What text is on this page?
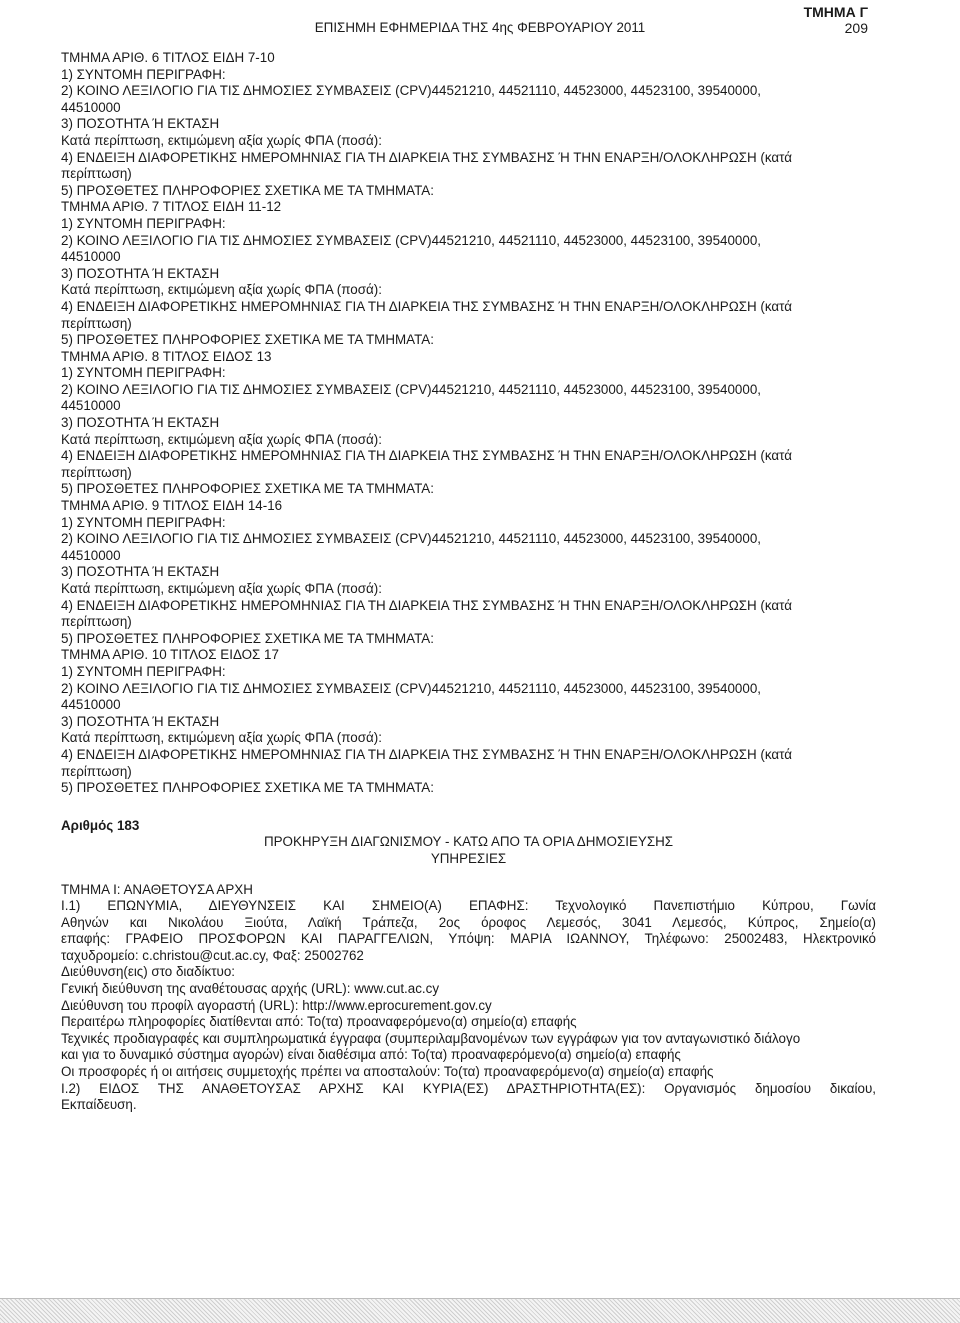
ΤΜΗΜΑ Γ
ΕΠΙΣΗΜΗ ΕΦΗΜΕΡΙΔΑ ΤΗΣ 4ης ΦΕΒΡΟΥΑΡΙΟΥ 2011	209
ΤΜΗΜΑ ΑΡΙΘ. 6 ΤΙΤΛΟΣ ΕΙΔΗ 7-10
1) ΣΥΝΤΟΜΗ ΠΕΡΙΓΡΑΦΗ:
2) ΚΟΙΝΟ ΛΕΞΙΛΟΓΙΟ ΓΙΑ ΤΙΣ ΔΗΜΟΣΙΕΣ ΣΥΜΒΑΣΕΙΣ (CPV)44521210, 44521110, 44523000, 44523100, 39540000,
44510000
3) ΠΟΣΟΤΗΤΑ Ή ΕΚΤΑΣΗ
Κατά περίπτωση, εκτιμώμενη αξία χωρίς ΦΠΑ (ποσά):
4) ΕΝΔΕΙΞΗ ΔΙΑΦΟΡΕΤΙΚΗΣ ΗΜΕΡΟΜΗΝΙΑΣ ΓΙΑ ΤΗ ΔΙΑΡΚΕΙΑ ΤΗΣ ΣΥΜΒΑΣΗΣ Ή ΤΗΝ ΕΝΑΡΞΗ/ΟΛΟΚΛΗΡΩΣΗ (κατά
περίπτωση)
5) ΠΡΟΣΘΕΤΕΣ ΠΛΗΡΟΦΟΡΙΕΣ ΣΧΕΤΙΚΑ ΜΕ ΤΑ ΤΜΗΜΑΤΑ:
ΤΜΗΜΑ ΑΡΙΘ. 7 ΤΙΤΛΟΣ ΕΙΔΗ 11-12
1) ΣΥΝΤΟΜΗ ΠΕΡΙΓΡΑΦΗ:
2) ΚΟΙΝΟ ΛΕΞΙΛΟΓΙΟ ΓΙΑ ΤΙΣ ΔΗΜΟΣΙΕΣ ΣΥΜΒΑΣΕΙΣ (CPV)44521210, 44521110, 44523000, 44523100, 39540000,
44510000
3) ΠΟΣΟΤΗΤΑ Ή ΕΚΤΑΣΗ
Κατά περίπτωση, εκτιμώμενη αξία χωρίς ΦΠΑ (ποσά):
4) ΕΝΔΕΙΞΗ ΔΙΑΦΟΡΕΤΙΚΗΣ ΗΜΕΡΟΜΗΝΙΑΣ ΓΙΑ ΤΗ ΔΙΑΡΚΕΙΑ ΤΗΣ ΣΥΜΒΑΣΗΣ Ή ΤΗΝ ΕΝΑΡΞΗ/ΟΛΟΚΛΗΡΩΣΗ (κατά
περίπτωση)
5) ΠΡΟΣΘΕΤΕΣ ΠΛΗΡΟΦΟΡΙΕΣ ΣΧΕΤΙΚΑ ΜΕ ΤΑ ΤΜΗΜΑΤΑ:
ΤΜΗΜΑ ΑΡΙΘ. 8 ΤΙΤΛΟΣ ΕΙΔΟΣ 13
1) ΣΥΝΤΟΜΗ ΠΕΡΙΓΡΑΦΗ:
2) ΚΟΙΝΟ ΛΕΞΙΛΟΓΙΟ ΓΙΑ ΤΙΣ ΔΗΜΟΣΙΕΣ ΣΥΜΒΑΣΕΙΣ (CPV)44521210, 44521110, 44523000, 44523100, 39540000,
44510000
3) ΠΟΣΟΤΗΤΑ Ή ΕΚΤΑΣΗ
Κατά περίπτωση, εκτιμώμενη αξία χωρίς ΦΠΑ (ποσά):
4) ΕΝΔΕΙΞΗ ΔΙΑΦΟΡΕΤΙΚΗΣ ΗΜΕΡΟΜΗΝΙΑΣ ΓΙΑ ΤΗ ΔΙΑΡΚΕΙΑ ΤΗΣ ΣΥΜΒΑΣΗΣ Ή ΤΗΝ ΕΝΑΡΞΗ/ΟΛΟΚΛΗΡΩΣΗ (κατά
περίπτωση)
5) ΠΡΟΣΘΕΤΕΣ ΠΛΗΡΟΦΟΡΙΕΣ ΣΧΕΤΙΚΑ ΜΕ ΤΑ ΤΜΗΜΑΤΑ:
ΤΜΗΜΑ ΑΡΙΘ. 9 ΤΙΤΛΟΣ ΕΙΔΗ 14-16
1) ΣΥΝΤΟΜΗ ΠΕΡΙΓΡΑΦΗ:
2) ΚΟΙΝΟ ΛΕΞΙΛΟΓΙΟ ΓΙΑ ΤΙΣ ΔΗΜΟΣΙΕΣ ΣΥΜΒΑΣΕΙΣ (CPV)44521210, 44521110, 44523000, 44523100, 39540000,
44510000
3) ΠΟΣΟΤΗΤΑ Ή ΕΚΤΑΣΗ
Κατά περίπτωση, εκτιμώμενη αξία χωρίς ΦΠΑ (ποσά):
4) ΕΝΔΕΙΞΗ ΔΙΑΦΟΡΕΤΙΚΗΣ ΗΜΕΡΟΜΗΝΙΑΣ ΓΙΑ ΤΗ ΔΙΑΡΚΕΙΑ ΤΗΣ ΣΥΜΒΑΣΗΣ Ή ΤΗΝ ΕΝΑΡΞΗ/ΟΛΟΚΛΗΡΩΣΗ (κατά
περίπτωση)
5) ΠΡΟΣΘΕΤΕΣ ΠΛΗΡΟΦΟΡΙΕΣ ΣΧΕΤΙΚΑ ΜΕ ΤΑ ΤΜΗΜΑΤΑ:
ΤΜΗΜΑ ΑΡΙΘ. 10 ΤΙΤΛΟΣ ΕΙΔΟΣ 17
1) ΣΥΝΤΟΜΗ ΠΕΡΙΓΡΑΦΗ:
2) ΚΟΙΝΟ ΛΕΞΙΛΟΓΙΟ ΓΙΑ ΤΙΣ ΔΗΜΟΣΙΕΣ ΣΥΜΒΑΣΕΙΣ (CPV)44521210, 44521110, 44523000, 44523100, 39540000,
44510000
3) ΠΟΣΟΤΗΤΑ Ή ΕΚΤΑΣΗ
Κατά περίπτωση, εκτιμώμενη αξία χωρίς ΦΠΑ (ποσά):
4) ΕΝΔΕΙΞΗ ΔΙΑΦΟΡΕΤΙΚΗΣ ΗΜΕΡΟΜΗΝΙΑΣ ΓΙΑ ΤΗ ΔΙΑΡΚΕΙΑ ΤΗΣ ΣΥΜΒΑΣΗΣ Ή ΤΗΝ ΕΝΑΡΞΗ/ΟΛΟΚΛΗΡΩΣΗ (κατά
περίπτωση)
5) ΠΡΟΣΘΕΤΕΣ ΠΛΗΡΟΦΟΡΙΕΣ ΣΧΕΤΙΚΑ ΜΕ ΤΑ ΤΜΗΜΑΤΑ:
Αριθμός 183
ΠΡΟΚΗΡΥΞΗ ΔΙΑΓΩΝΙΣΜΟΥ - ΚΑΤΩ ΑΠΟ ΤΑ ΟΡΙΑ ΔΗΜΟΣΙΕΥΣΗΣ
ΥΠΗΡΕΣΙΕΣ
ΤΜΗΜΑ Ι: ΑΝΑΘΕΤΟΥΣΑ ΑΡΧΗ
Ι.1) ΕΠΩΝΥΜΙΑ, ΔΙΕΥΘΥΝΣΕΙΣ ΚΑΙ ΣΗΜΕΙΟ(Α) ΕΠΑΦΗΣ: Τεχνολογικό Πανεπιστήμιο Κύπρου, Γωνία
Αθηνών και Νικολάου Ξιούτα, Λαϊκή Τράπεζα, 2ος όροφος Λεμεσός, 3041 Λεμεσός, Κύπρος, Σημείο(α)
επαφής: ΓΡΑΦΕΙΟ ΠΡΟΣΦΟΡΩΝ ΚΑΙ ΠΑΡΑΓΓΕΛΙΩΝ, Υπόψη: ΜΑΡΙΑ ΙΩΑΝΝΟΥ, Τηλέφωνο: 25002483, Ηλεκτρονικό
ταχυδρομείο: c.christou@cut.ac.cy, Φαξ: 25002762
Διεύθυνση(εις) στο διαδίκτυο:
Γενική διεύθυνση της αναθέτουσας αρχής (URL): www.cut.ac.cy
Διεύθυνση του προφίλ αγοραστή (URL): http://www.eprocurement.gov.cy
Περαιτέρω πληροφορίες διατίθενται από: Το(τα) προαναφερόμενο(α) σημείο(α) επαφής
Τεχνικές προδιαγραφές και συμπληρωματικά έγγραφα (συμπεριλαμβανομένων των εγγράφων για τον ανταγωνιστικό διάλογο
και για το δυναμικό σύστημα αγορών) είναι διαθέσιμα από: Το(τα) προαναφερόμενο(α) σημείο(α) επαφής
Οι προσφορές ή οι αιτήσεις συμμετοχής πρέπει να αποσταλούν: Το(τα) προαναφερόμενο(α) σημείο(α) επαφής
Ι.2) ΕΙΔΟΣ ΤΗΣ ΑΝΑΘΕΤΟΥΣΑΣ ΑΡΧΗΣ ΚΑΙ ΚΥΡΙΑ(ΕΣ) ΔΡΑΣΤΗΡΙΟΤΗΤΑ(ΕΣ): Οργανισμός δημοσίου δικαίου,
Εκπαίδευση.
